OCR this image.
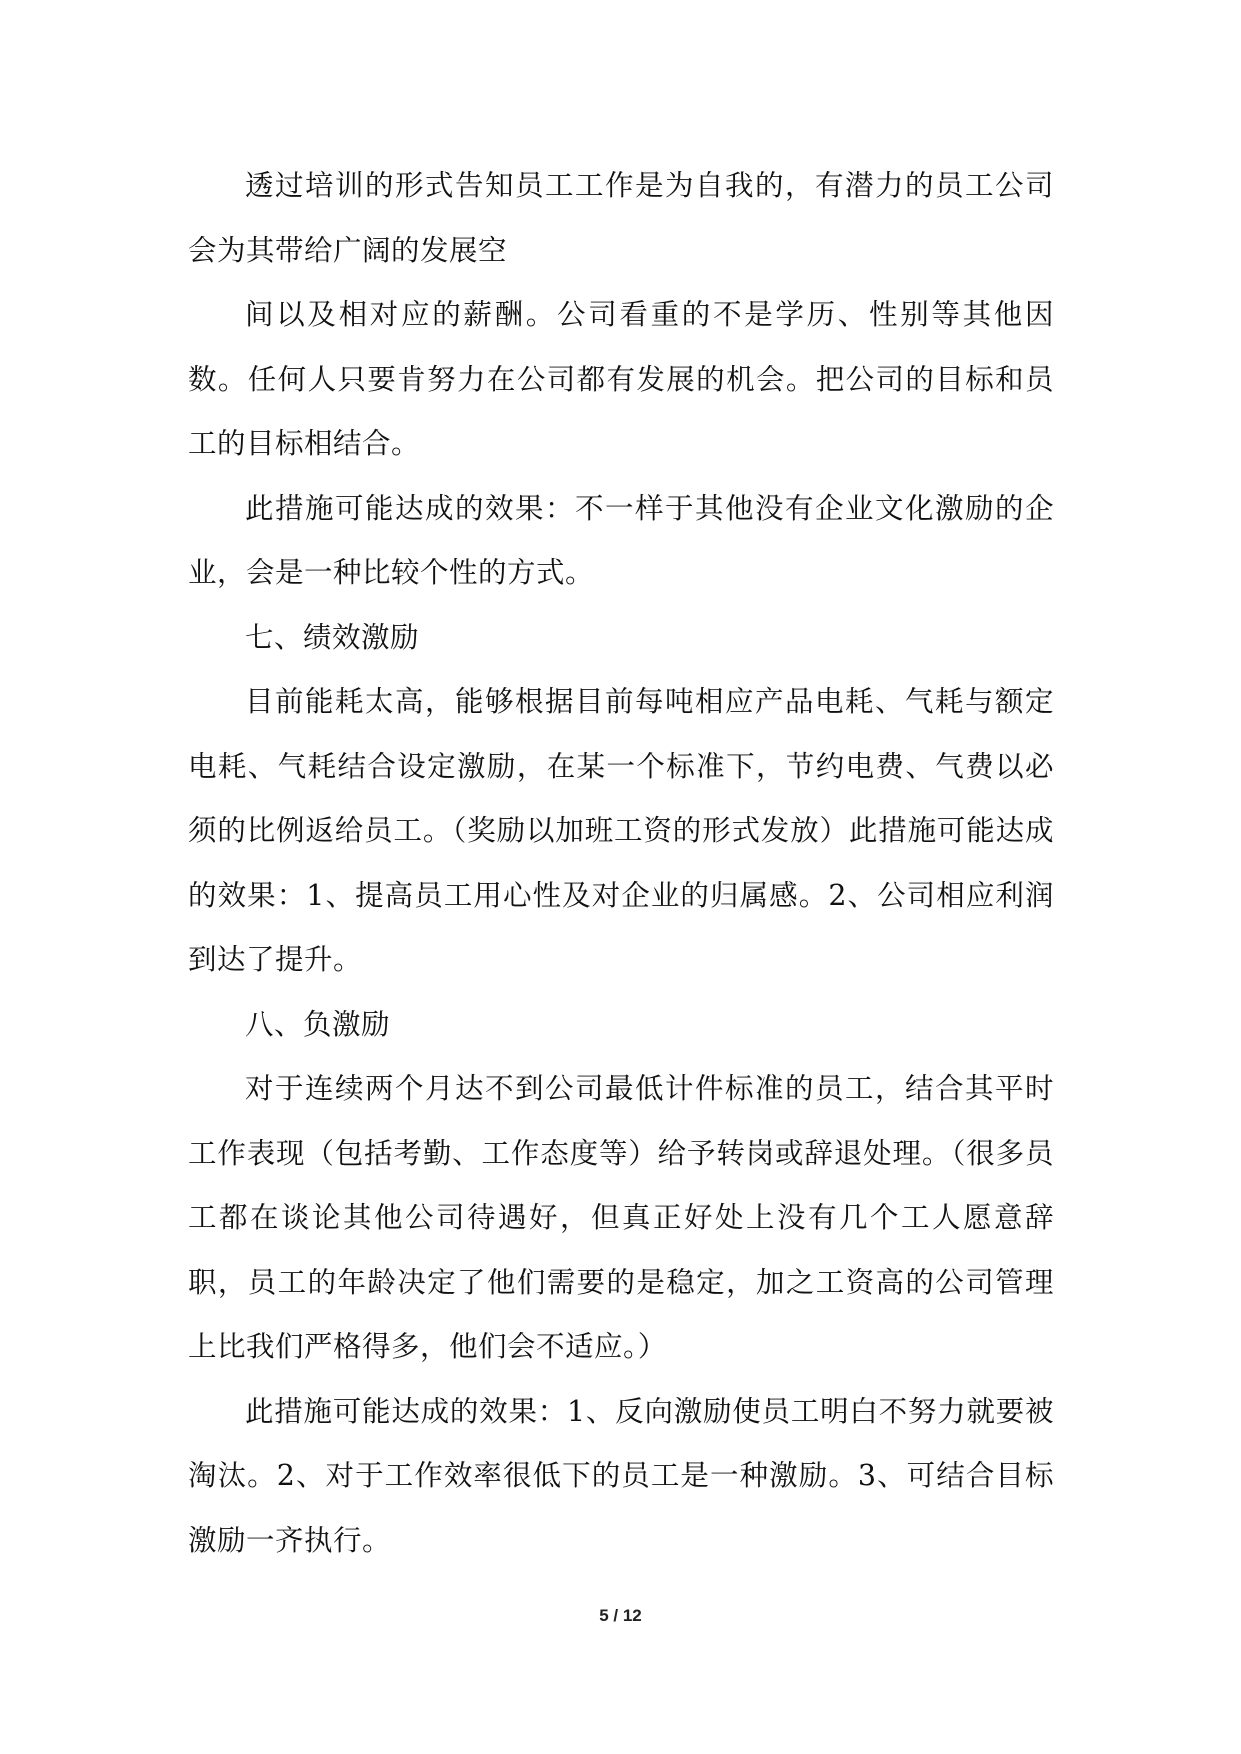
透过培训的形式告知员工工作是为自我的，有潜力的员工公司会为其带给广阔的发展空

间以及相对应的薪酬。公司看重的不是学历、性别等其他因数。任何人只要肯努力在公司都有发展的机会。把公司的目标和员工的目标相结合。

此措施可能达成的效果：不一样于其他没有企业文化激励的企业，会是一种比较个性的方式。

七、绩效激励

目前能耗太高，能够根据目前每吨相应产品电耗、气耗与额定电耗、气耗结合设定激励，在某一个标准下，节约电费、气费以必须的比例返给员工。（奖励以加班工资的形式发放）此措施可能达成的效果：1、提高员工用心性及对企业的归属感。2、公司相应利润到达了提升。

八、负激励

对于连续两个月达不到公司最低计件标准的员工，结合其平时工作表现（包括考勤、工作态度等）给予转岗或辞退处理。（很多员工都在谈论其他公司待遇好，但真正好处上没有几个工人愿意辞职，员工的年龄决定了他们需要的是稳定，加之工资高的公司管理上比我们严格得多，他们会不适应。）

此措施可能达成的效果：1、反向激励使员工明白不努力就要被淘汰。2、对于工作效率很低下的员工是一种激励。3、可结合目标激励一齐执行。

5 / 12
